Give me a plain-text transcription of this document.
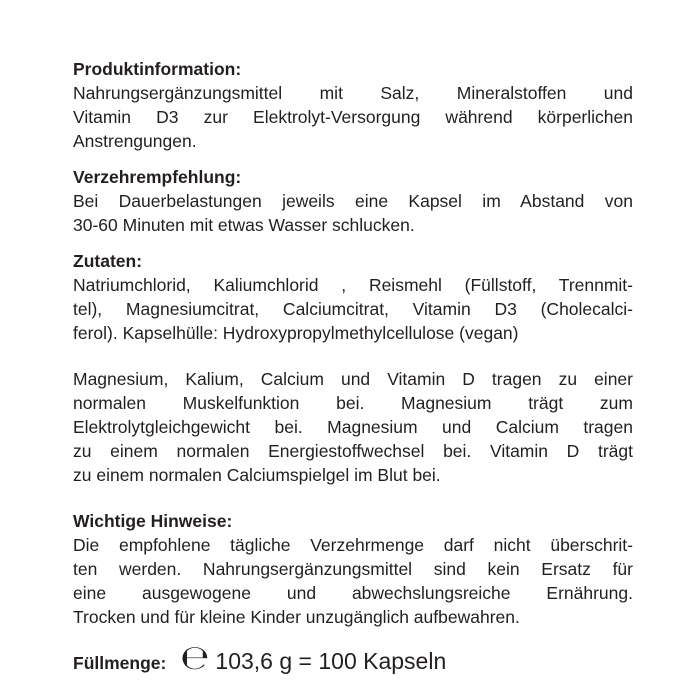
Produktinformation:

Nahrungsergänzungsmittel mit Salz, Mineralstoffen und
Vitamin D3 zur Elektrolyt-Versorgung während körperlichen
Anstrengungen.

Verzehrempfehlung:

Bei Dauerbelastungen jeweils eine Kapsel im Abstand von
30-60 Minuten mit etwas Wasser schlucken.

Zutaten:

Natriumchlorid, Kaliumchlorid , Reismehl (Füllstoff, Trennmit-
tel), Magnesiumcitrat, Calciumcitrat, Vitamin D3 (Cholecalci-
ferol). Kapselhülle: Hydroxypropylmethylcellulose (vegan)

Magnesium, Kalium, Calcium und Vitamin D tragen zu einer
normalen Muskelfunktion bei. Magnesium trägt zum
Elektrolytgleichgewicht bei. Magnesium und Calcium tragen
zu einem normalen Energiestoffwechsel bei. Vitamin D trägt
zu einem normalen Calciumspielgel im Blut bei.

Wichtige Hinweise:

Die empfohlene tägliche Verzehrmenge darf nicht überschrit-
ten werden. Nahrungsergänzungsmittel sind kein Ersatz für
eine ausgewogene und abwechslungsreiche Ernährung.
Trocken und für kleine Kinder unzugänglich aufbewahren.

Füllmenge: ℮ 103,6 g = 100 Kapseln
